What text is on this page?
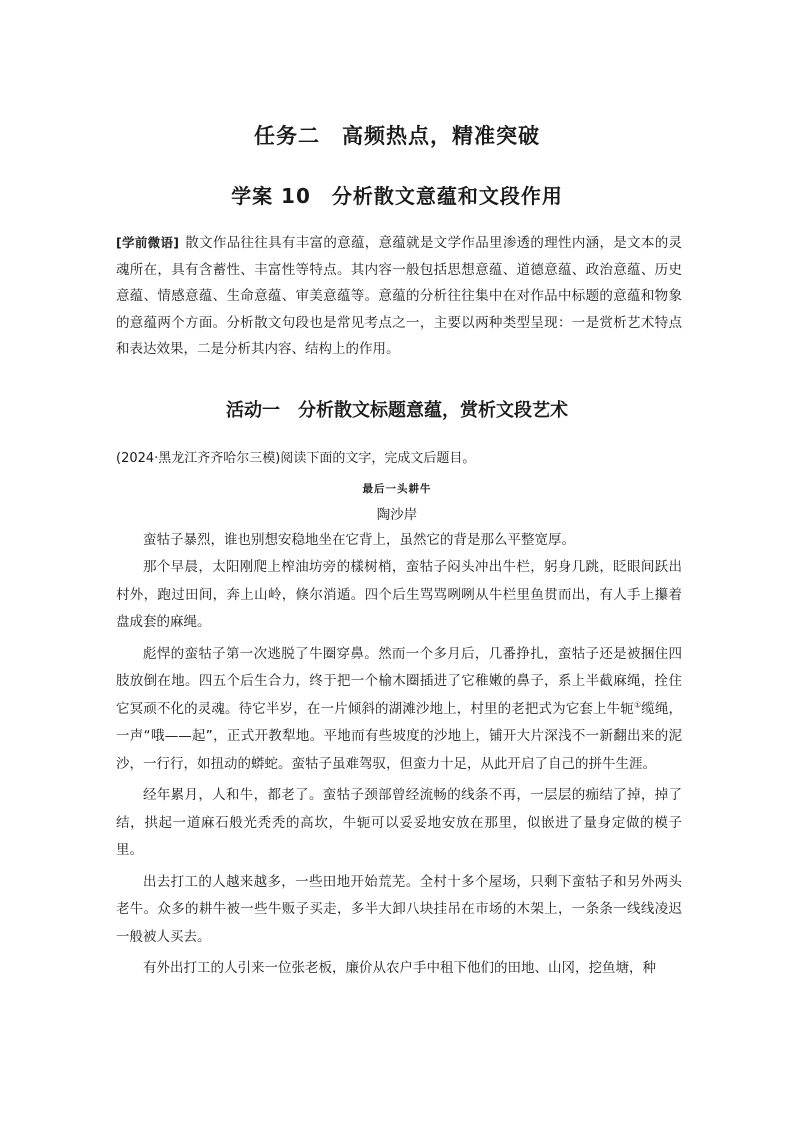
任务二　高频热点，精准突破
学案 10　分析散文意蕴和文段作用
[学前微语] 散文作品往往具有丰富的意蕴，意蕴就是文学作品里渗透的理性内涵，是文本的灵魂所在，具有含蓄性、丰富性等特点。其内容一般包括思想意蕴、道德意蕴、政治意蕴、历史意蕴、情感意蕴、生命意蕴、审美意蕴等。意蕴的分析往往集中在对作品中标题的意蕴和物象的意蕴两个方面。分析散文句段也是常见考点之一，主要以两种类型呈现：一是赏析艺术特点和表达效果，二是分析其内容、结构上的作用。
活动一　分析散文标题意蕴，赏析文段艺术
(2024·黑龙江齐齐哈尔三模)阅读下面的文字，完成文后题目。
最后一头耕牛
陶沙岸

蛮牯子暴烈，谁也别想安稳地坐在它背上，虽然它的背是那么平整宽厚。

那个早晨，太阳刚爬上榨油坊旁的樣树梢，蛮牯子闷头冲出牛栏，躬身几跳，眨眼间跃出村外，跑过田间，奔上山岭，倏尔消遁。四个后生骂骂咧咧从牛栏里鱼贯而出，有人手上攥着盘成套的麻绳。

彪悍的蛮牯子第一次逃脱了牛圈穿鼻。然而一个多月后，几番挣扎，蛮牯子还是被捆住四肢放倒在地。四五个后生合力，终于把一个榆木圈插进了它稚嫩的鼻子，系上半截麻绳，拴住它冥顽不化的灵魂。待它半岁，在一片倾斜的湖滩沙地上，村里的老把式为它套上牛轭①缆绳，一声“哦——起”，正式开教犁地。平地而有些坡度的沙地上，铺开大片深浅不一新翻出来的泥沙，一行行，如扭动的蟒蛇。蛮牯子虽难驾驭，但蛮力十足，从此开启了自己的拼牛生涯。

经年累月，人和牛，都老了。蛮牯子颈部曾经流畅的线条不再，一层层的痂结了掉，掉了结，拱起一道麻石般光秃秃的高坎，牛轭可以妥妥地安放在那里，似嵌进了量身定做的模子里。

出去打工的人越来越多，一些田地开始荒芜。全村十多个屋场，只剩下蛮牯子和另外两头老牛。众多的耕牛被一些牛贩子买走，多半大卸八块挂吊在市场的木架上，一条条一线线凌迟一般被人买去。

有外出打工的人引来一位张老板，廉价从农户手中租下他们的田地、山冈，挖鱼塘，种
